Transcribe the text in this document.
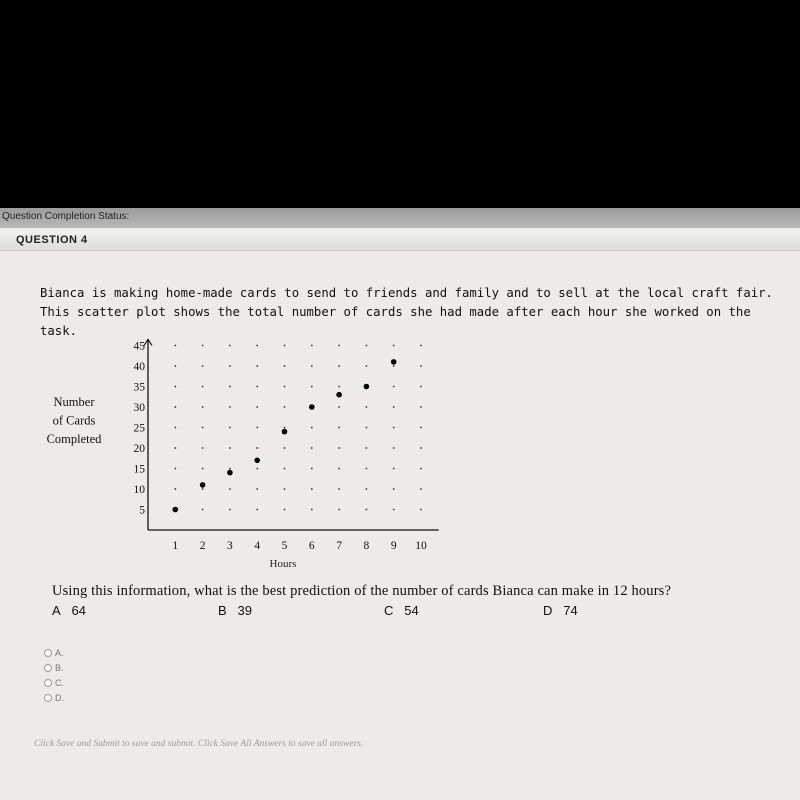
Question Completion Status:
QUESTION 4

Bianca is making home-made cards to send to friends and family and to sell at the local craft fair. This scatter plot shows the total number of cards she had made after each hour she worked on the task.

Number
of Cards
Completed
5
10
15
20
25
30
35
40
45
1 2 3 4 5 6 7 8 9 10
Hours
Using this information, what is the best prediction of the number of cards Bianca can make in 12 hours?
A 64	B 39	C 54	D 74
A.
B.
C.
D.
Click Save and Submit to save and submit. Click Save All Answers to save all answers.
